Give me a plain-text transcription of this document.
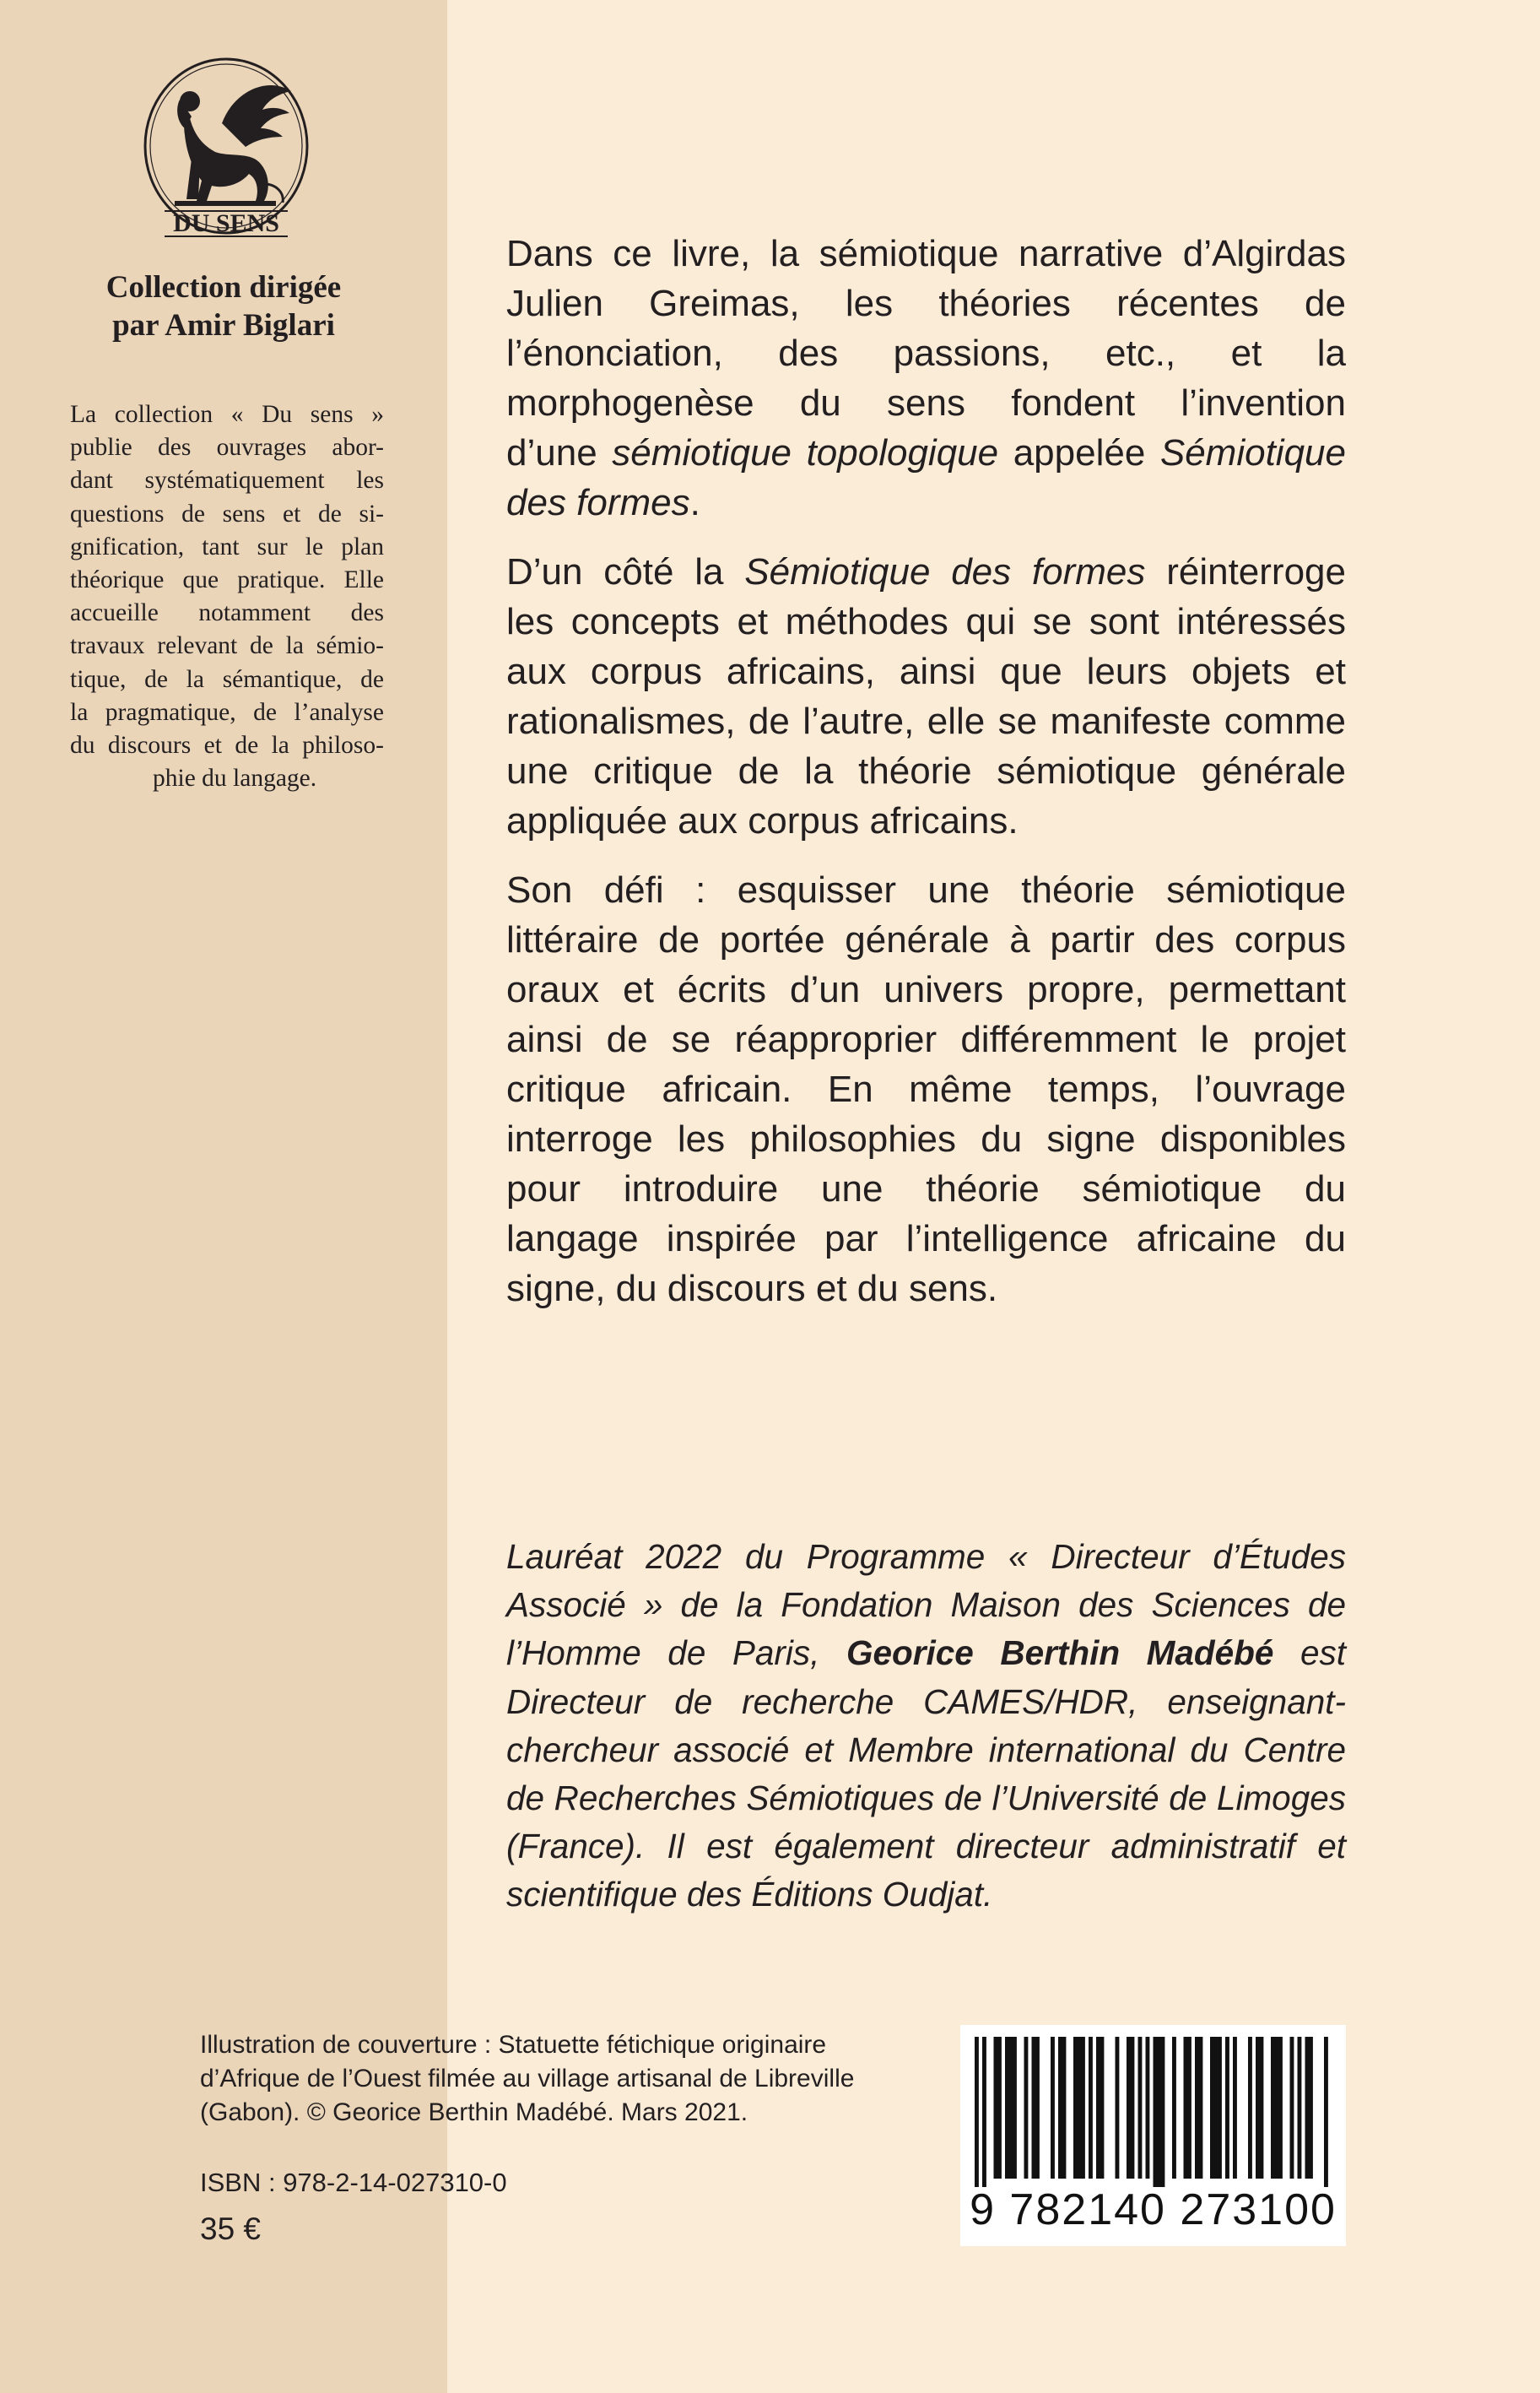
DU SENS
Collection dirigée
par Amir Biglari
La collection « Du sens »
publie des ouvrages abor-
dant systématiquement les
questions de sens et de si-
gnification, tant sur le plan
théorique que pratique. Elle
accueille notamment des
travaux relevant de la sémio-
tique, de la sémantique, de
la pragmatique, de l’analyse
du discours et de la philoso-
phie du langage.

Dans ce livre, la sémiotique narrative d’Algirdas
Julien Greimas, les théories récentes de
l’énonciation, des passions, etc., et la
morphogenèse du sens fondent l’invention
d’une sémiotique topologique appelée Sémiotique
des formes.

D’un côté la Sémiotique des formes réinterroge
les concepts et méthodes qui se sont intéressés
aux corpus africains, ainsi que leurs objets et
rationalismes, de l’autre, elle se manifeste comme
une critique de la théorie sémiotique générale
appliquée aux corpus africains.

Son défi : esquisser une théorie sémiotique
littéraire de portée générale à partir des corpus
oraux et écrits d’un univers propre, permettant
ainsi de se réapproprier différemment le projet
critique africain. En même temps, l’ouvrage
interroge les philosophies du signe disponibles
pour introduire une théorie sémiotique du
langage inspirée par l’intelligence africaine du
signe, du discours et du sens.

Lauréat 2022 du Programme « Directeur d’Études
Associé » de la Fondation Maison des Sciences de
l’Homme de Paris, Georice Berthin Madébé est
Directeur de recherche CAMES/HDR, enseignant-
chercheur associé et Membre international du Centre
de Recherches Sémiotiques de l’Université de Limoges
(France). Il est également directeur administratif et
scientifique des Éditions Oudjat.
Illustration de couverture : Statuette fétichique originaire
d’Afrique de l’Ouest filmée au village artisanal de Libreville
(Gabon). © Georice Berthin Madébé. Mars 2021.
ISBN : 978-2-14-027310-0
35 €	9 782140 273100
